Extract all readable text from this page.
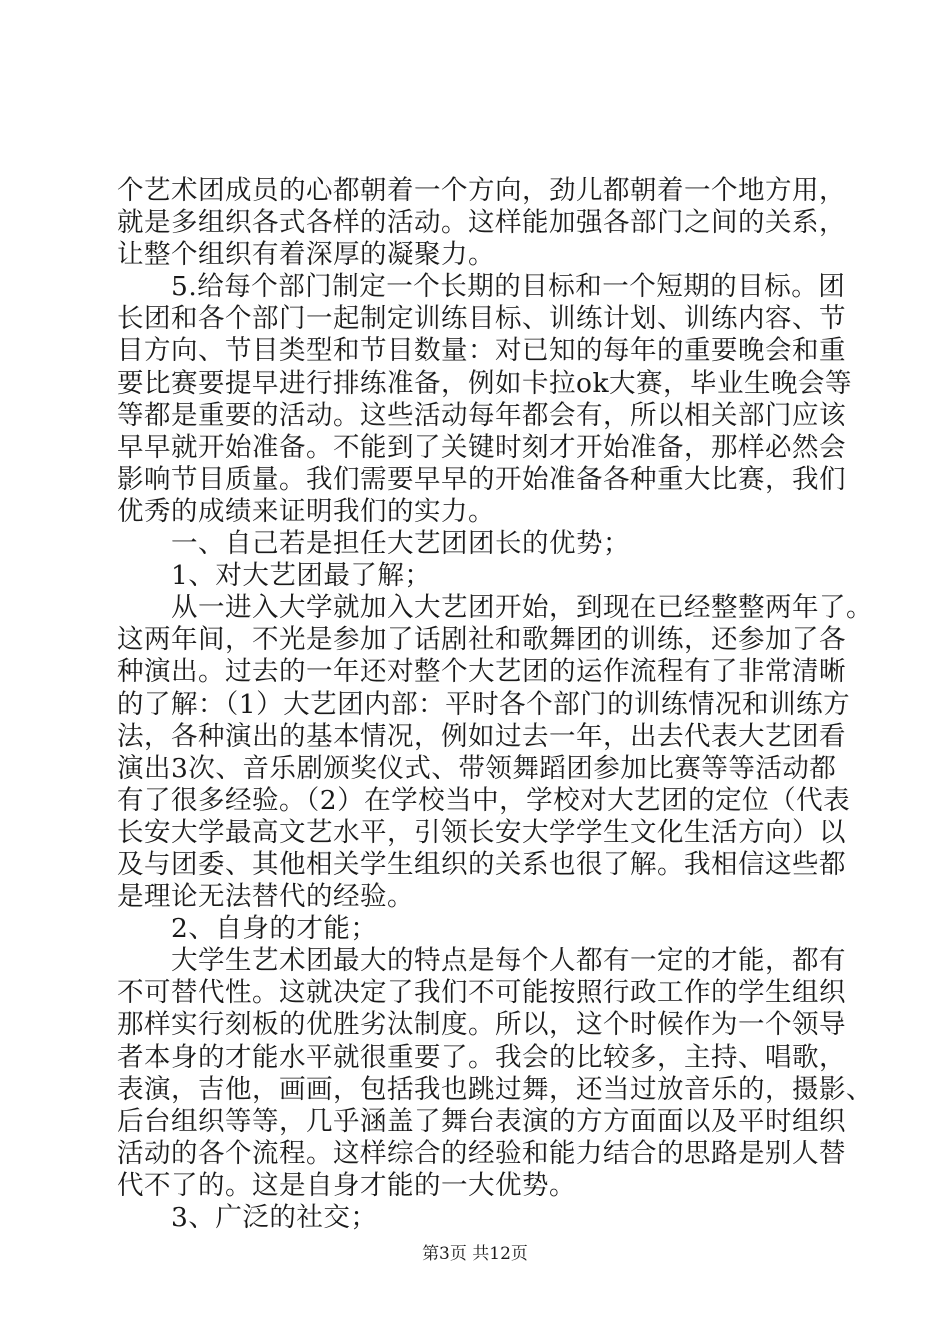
个艺术团成员的心都朝着一个方向，劲儿都朝着一个地方用，
就是多组织各式各样的活动。这样能加强各部门之间的关系，
让整个组织有着深厚的凝聚力。
5.给每个部门制定一个长期的目标和一个短期的目标。团
长团和各个部门一起制定训练目标、训练计划、训练内容、节
目方向、节目类型和节目数量：对已知的每年的重要晚会和重
要比赛要提早进行排练准备，例如卡拉ok大赛，毕业生晚会等
等都是重要的活动。这些活动每年都会有，所以相关部门应该
早早就开始准备。不能到了关键时刻才开始准备，那样必然会
影响节目质量。我们需要早早的开始准备各种重大比赛，我们
优秀的成绩来证明我们的实力。
一、自己若是担任大艺团团长的优势；
1、对大艺团最了解；
从一进入大学就加入大艺团开始，到现在已经整整两年了。
这两年间，不光是参加了话剧社和歌舞团的训练，还参加了各
种演出。过去的一年还对整个大艺团的运作流程有了非常清晰
的了解：（1）大艺团内部：平时各个部门的训练情况和训练方
法，各种演出的基本情况，例如过去一年，出去代表大艺团看
演出3次、音乐剧颁奖仪式、带领舞蹈团参加比赛等等活动都
有了很多经验。（2）在学校当中，学校对大艺团的定位（代表
长安大学最高文艺水平，引领长安大学学生文化生活方向）以
及与团委、其他相关学生组织的关系也很了解。我相信这些都
是理论无法替代的经验。
2、自身的才能；
大学生艺术团最大的特点是每个人都有一定的才能，都有
不可替代性。这就决定了我们不可能按照行政工作的学生组织
那样实行刻板的优胜劣汰制度。所以，这个时候作为一个领导
者本身的才能水平就很重要了。我会的比较多，主持、唱歌，
表演，吉他，画画，包括我也跳过舞，还当过放音乐的，摄影、
后台组织等等，几乎涵盖了舞台表演的方方面面以及平时组织
活动的各个流程。这样综合的经验和能力结合的思路是别人替
代不了的。这是自身才能的一大优势。
3、广泛的社交；
第3页 共12页
